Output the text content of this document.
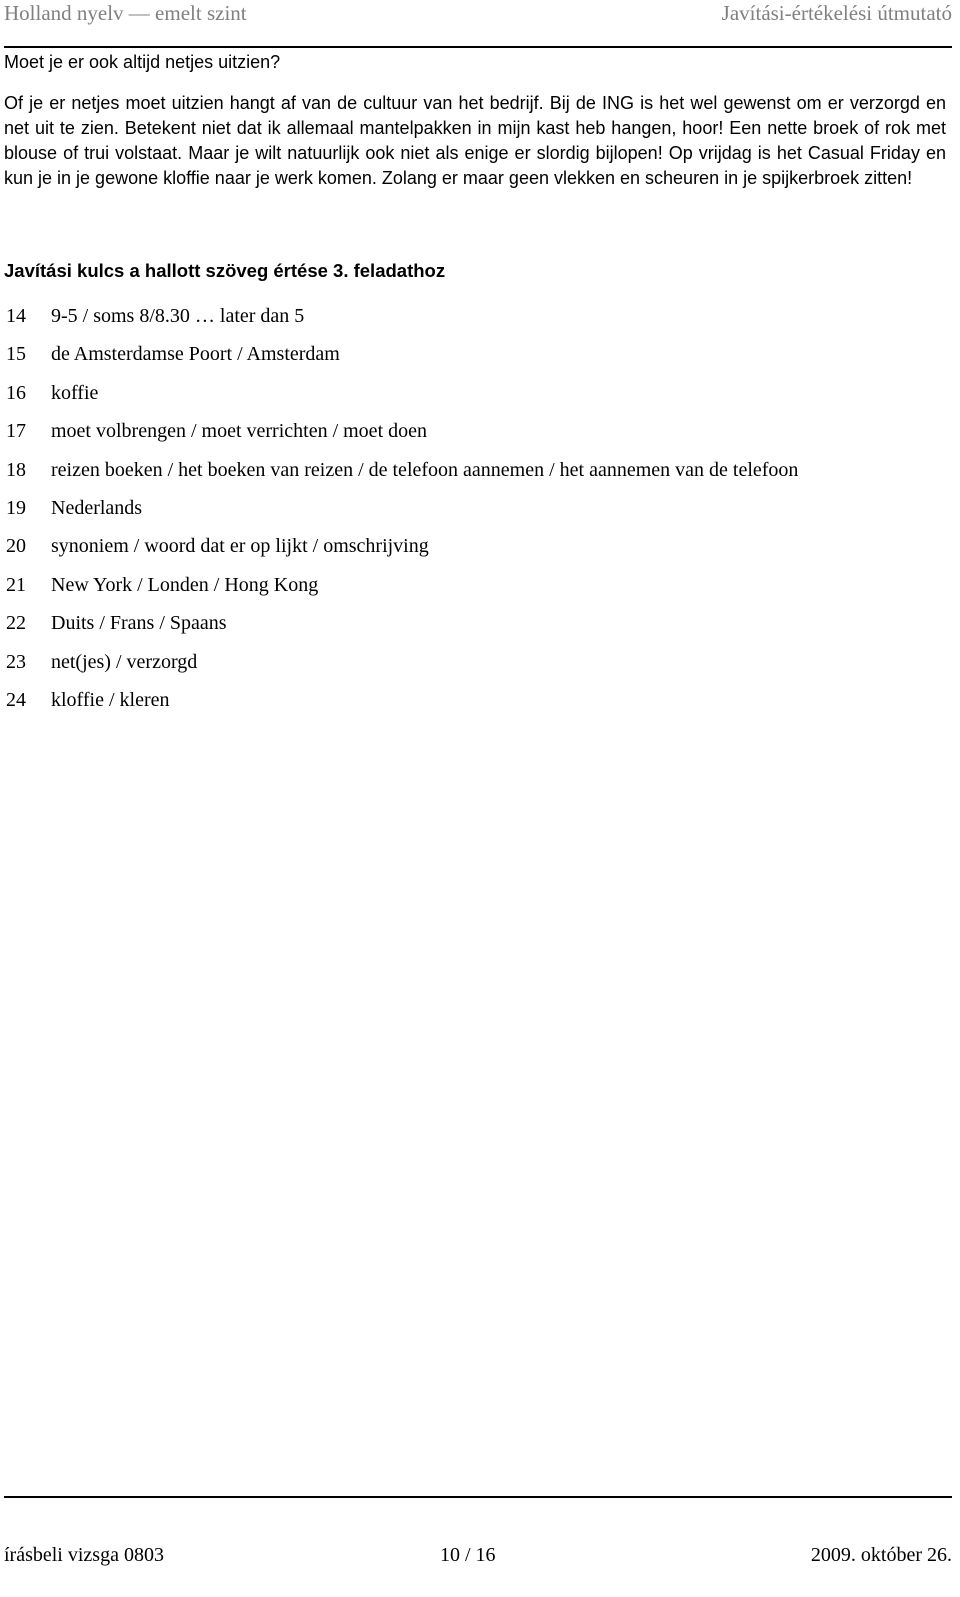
Holland nyelv — emelt szint	Javítási-értékelési útmutató
Moet je er ook altijd netjes uitzien?
Of je er netjes moet uitzien hangt af van de cultuur van het bedrijf. Bij de ING is het wel gewenst om er verzorgd en net uit te zien. Betekent niet dat ik allemaal mantelpakken in mijn kast heb hangen, hoor! Een nette broek of rok met blouse of trui volstaat. Maar je wilt natuurlijk ook niet als enige er slordig bijlopen! Op vrijdag is het Casual Friday en kun je in je gewone kloffie naar je werk komen. Zolang er maar geen vlekken en scheuren in je spijkerbroek zitten!
Javítási kulcs a hallott szöveg értése 3. feladathoz
14	9-5 / soms 8/8.30 … later dan 5
15	de Amsterdamse Poort / Amsterdam
16	koffie
17	moet volbrengen / moet verrichten / moet doen
18	reizen boeken / het boeken van reizen / de telefoon aannemen / het aannemen van de telefoon
19	Nederlands
20	synoniem / woord dat er op lijkt / omschrijving
21	New York / Londen / Hong Kong
22	Duits / Frans / Spaans
23	net(jes) / verzorgd
24	kloffie / kleren
írásbeli vizsga 0803	10 / 16	2009. október 26.
